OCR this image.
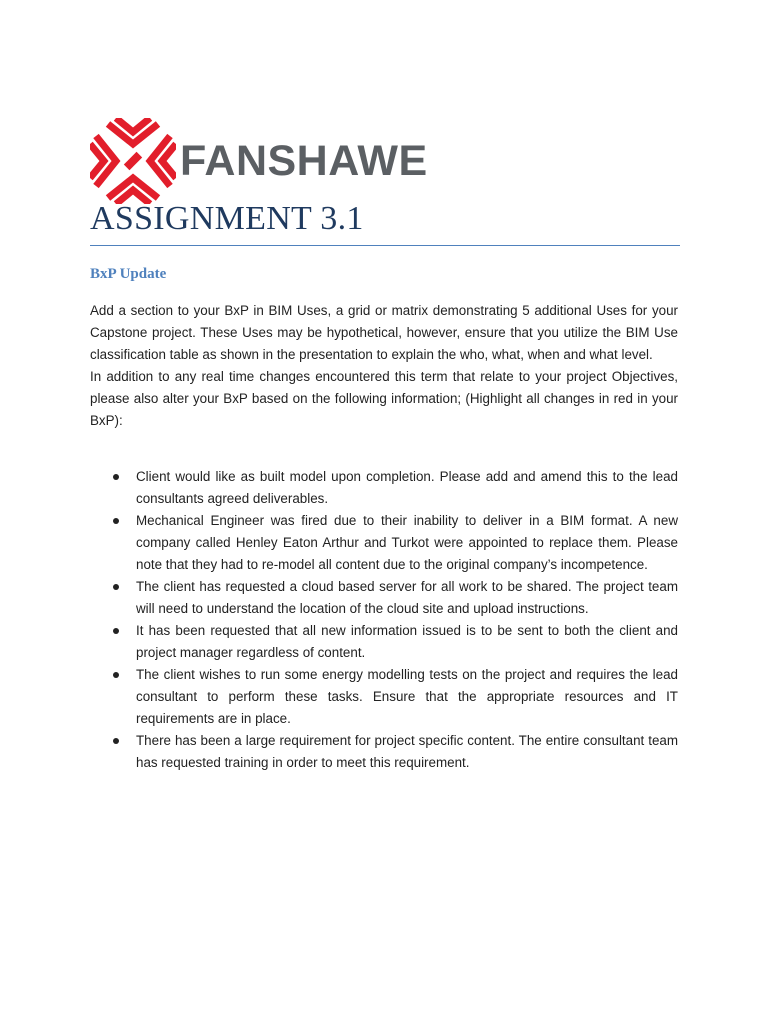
FANSHAWE
ASSIGNMENT 3.1
BxP Update

Add a section to your BxP in BIM Uses, a grid or matrix demonstrating 5 additional Uses for your Capstone project. These Uses may be hypothetical, however, ensure that you utilize the BIM Use classification table as shown in the presentation to explain the who, what, when and what level.

In addition to any real time changes encountered this term that relate to your project Objectives, please also alter your BxP based on the following information; (Highlight all changes in red in your BxP):

Client would like as built model upon completion. Please add and amend this to the lead consultants agreed deliverables.
Mechanical Engineer was fired due to their inability to deliver in a BIM format. A new company called Henley Eaton Arthur and Turkot were appointed to replace them. Please note that they had to re-model all content due to the original company’s incompetence.
The client has requested a cloud based server for all work to be shared. The project team will need to understand the location of the cloud site and upload instructions.
It has been requested that all new information issued is to be sent to both the client and project manager regardless of content.
The client wishes to run some energy modelling tests on the project and requires the lead consultant to perform these tasks. Ensure that the appropriate resources and IT requirements are in place.
There has been a large requirement for project specific content. The entire consultant team has requested training in order to meet this requirement.
